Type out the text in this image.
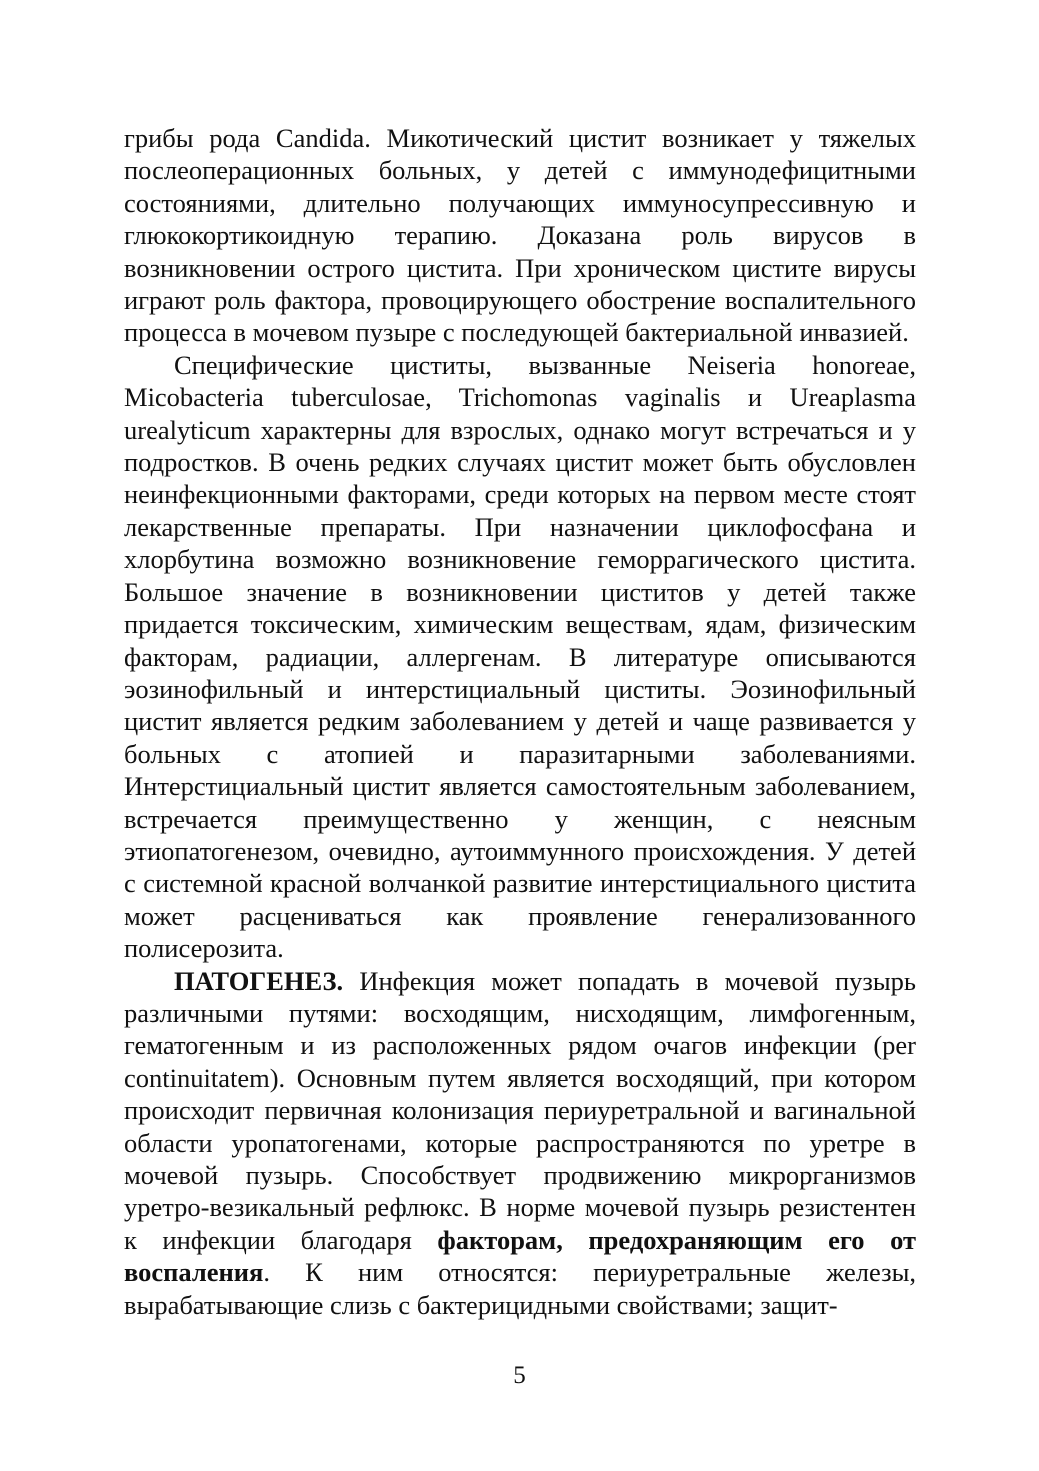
грибы рода Candida. Микотический цистит возникает у тяжелых послеоперационных больных, у детей с иммунодефицитными состояниями, длительно получающих иммуносупрессивную и глюкокортикоидную терапию. Доказана роль вирусов в возникновении острого цистита. При хроническом цистите вирусы играют роль фактора, провоцирующего обострение воспалительного процесса в мочевом пузыре с последующей бактериальной инвазией.

Специфические циститы, вызванные Neiseria honoreae, Micobacteria tuberculosae, Trichomonas vaginalis и Ureaplasma urealyticum характерны для взрослых, однако могут встречаться и у подростков. В очень редких случаях цистит может быть обусловлен неинфекционными факторами, среди которых на первом месте стоят лекарственные препараты. При назначении циклофосфана и хлорбутина возможно возникновение геморрагического цистита. Большое значение в возникновении циститов у детей также придается токсическим, химическим веществам, ядам, физическим факторам, радиации, аллергенам. В литературе описываются эозинофильный и интерстициальный циститы. Эозинофильный цистит является редким заболеванием у детей и чаще развивается у больных с атопией и паразитарными заболеваниями. Интерстициальный цистит является самостоятельным заболеванием, встречается преимущественно у женщин, с неясным этиопатогенезом, очевидно, аутоиммунного происхождения. У детей с системной красной волчанкой развитие интерстициального цистита может расцениваться как проявление генерализованного полисерозита.

ПАТОГЕНЕЗ. Инфекция может попадать в мочевой пузырь различными путями: восходящим, нисходящим, лимфогенным, гематогенным и из расположенных рядом очагов инфекции (per continuitatem). Основным путем является восходящий, при котором происходит первичная колонизация периуретральной и вагинальной области уропатогенами, которые распространяются по уретре в мочевой пузырь. Способствует продвижению микрорганизмов уретро-везикальный рефлюкс. В норме мочевой пузырь резистентен к инфекции благодаря факторам, предохраняющим его от воспаления. К ним относятся: периуретральные железы, вырабатывающие слизь с бактерицидными свойствами; защит-

5
